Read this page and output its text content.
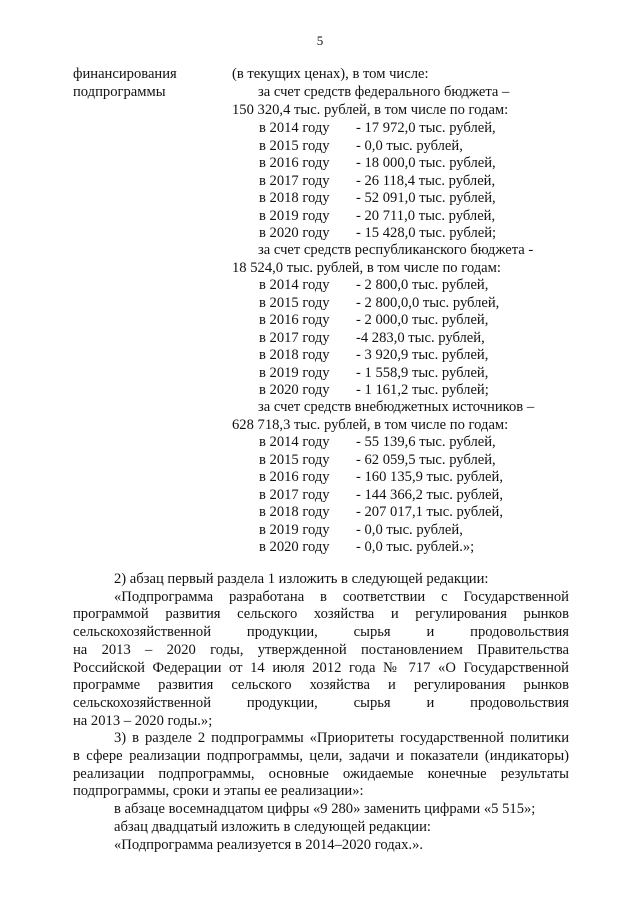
5
финансирования
подпрограммы
(в текущих ценах), в том числе:
за счет средств федерального бюджета –
150 320,4 тыс. рублей, в том числе по годам:
в 2014 году - 17 972,0 тыс. рублей,
в 2015 году - 0,0 тыс. рублей,
в 2016 году - 18 000,0 тыс. рублей,
в 2017 году - 26 118,4 тыс. рублей,
в 2018 году - 52 091,0 тыс. рублей,
в 2019 году - 20 711,0 тыс. рублей,
в 2020 году - 15 428,0 тыс. рублей;
за счет средств республиканского бюджета -
18 524,0 тыс. рублей, в том числе по годам:
в 2014 году - 2 800,0 тыс. рублей,
в 2015 году - 2 800,0,0 тыс. рублей,
в 2016 году - 2 000,0 тыс. рублей,
в 2017 году -4 283,0 тыс. рублей,
в 2018 году - 3 920,9 тыс. рублей,
в 2019 году - 1 558,9 тыс. рублей,
в 2020 году - 1 161,2 тыс. рублей;
за счет средств внебюджетных источников –
628 718,3 тыс. рублей, в том числе по годам:
в 2014 году - 55 139,6 тыс. рублей,
в 2015 году - 62 059,5 тыс. рублей,
в 2016 году - 160 135,9 тыс. рублей,
в 2017 году - 144 366,2 тыс. рублей,
в 2018 году - 207 017,1 тыс. рублей,
в 2019 году - 0,0 тыс. рублей,
в 2020 году - 0,0 тыс. рублей.»;

2) абзац первый раздела 1 изложить в следующей редакции:

«Подпрограмма разработана в соответствии с Государственной

программой развития сельского хозяйства и регулирования рынков

сельскохозяйственной продукции, сырья и продовольствия

на 2013 – 2020 годы, утвержденной постановлением Правительства

Российской Федерации от 14 июля 2012 года № 717 «О Государственной

программе развития сельского хозяйства и регулирования рынков

сельскохозяйственной продукции, сырья и продовольствия

на 2013 – 2020 годы.»;

3) в разделе 2 подпрограммы «Приоритеты государственной политики

в сфере реализации подпрограммы, цели, задачи и показатели (индикаторы)

реализации подпрограммы, основные ожидаемые конечные результаты

подпрограммы, сроки и этапы ее реализации»:

в абзаце восемнадцатом цифры «9 280» заменить цифрами «5 515»;

абзац двадцатый изложить в следующей редакции:

«Подпрограмма реализуется в 2014–2020 годах.».
